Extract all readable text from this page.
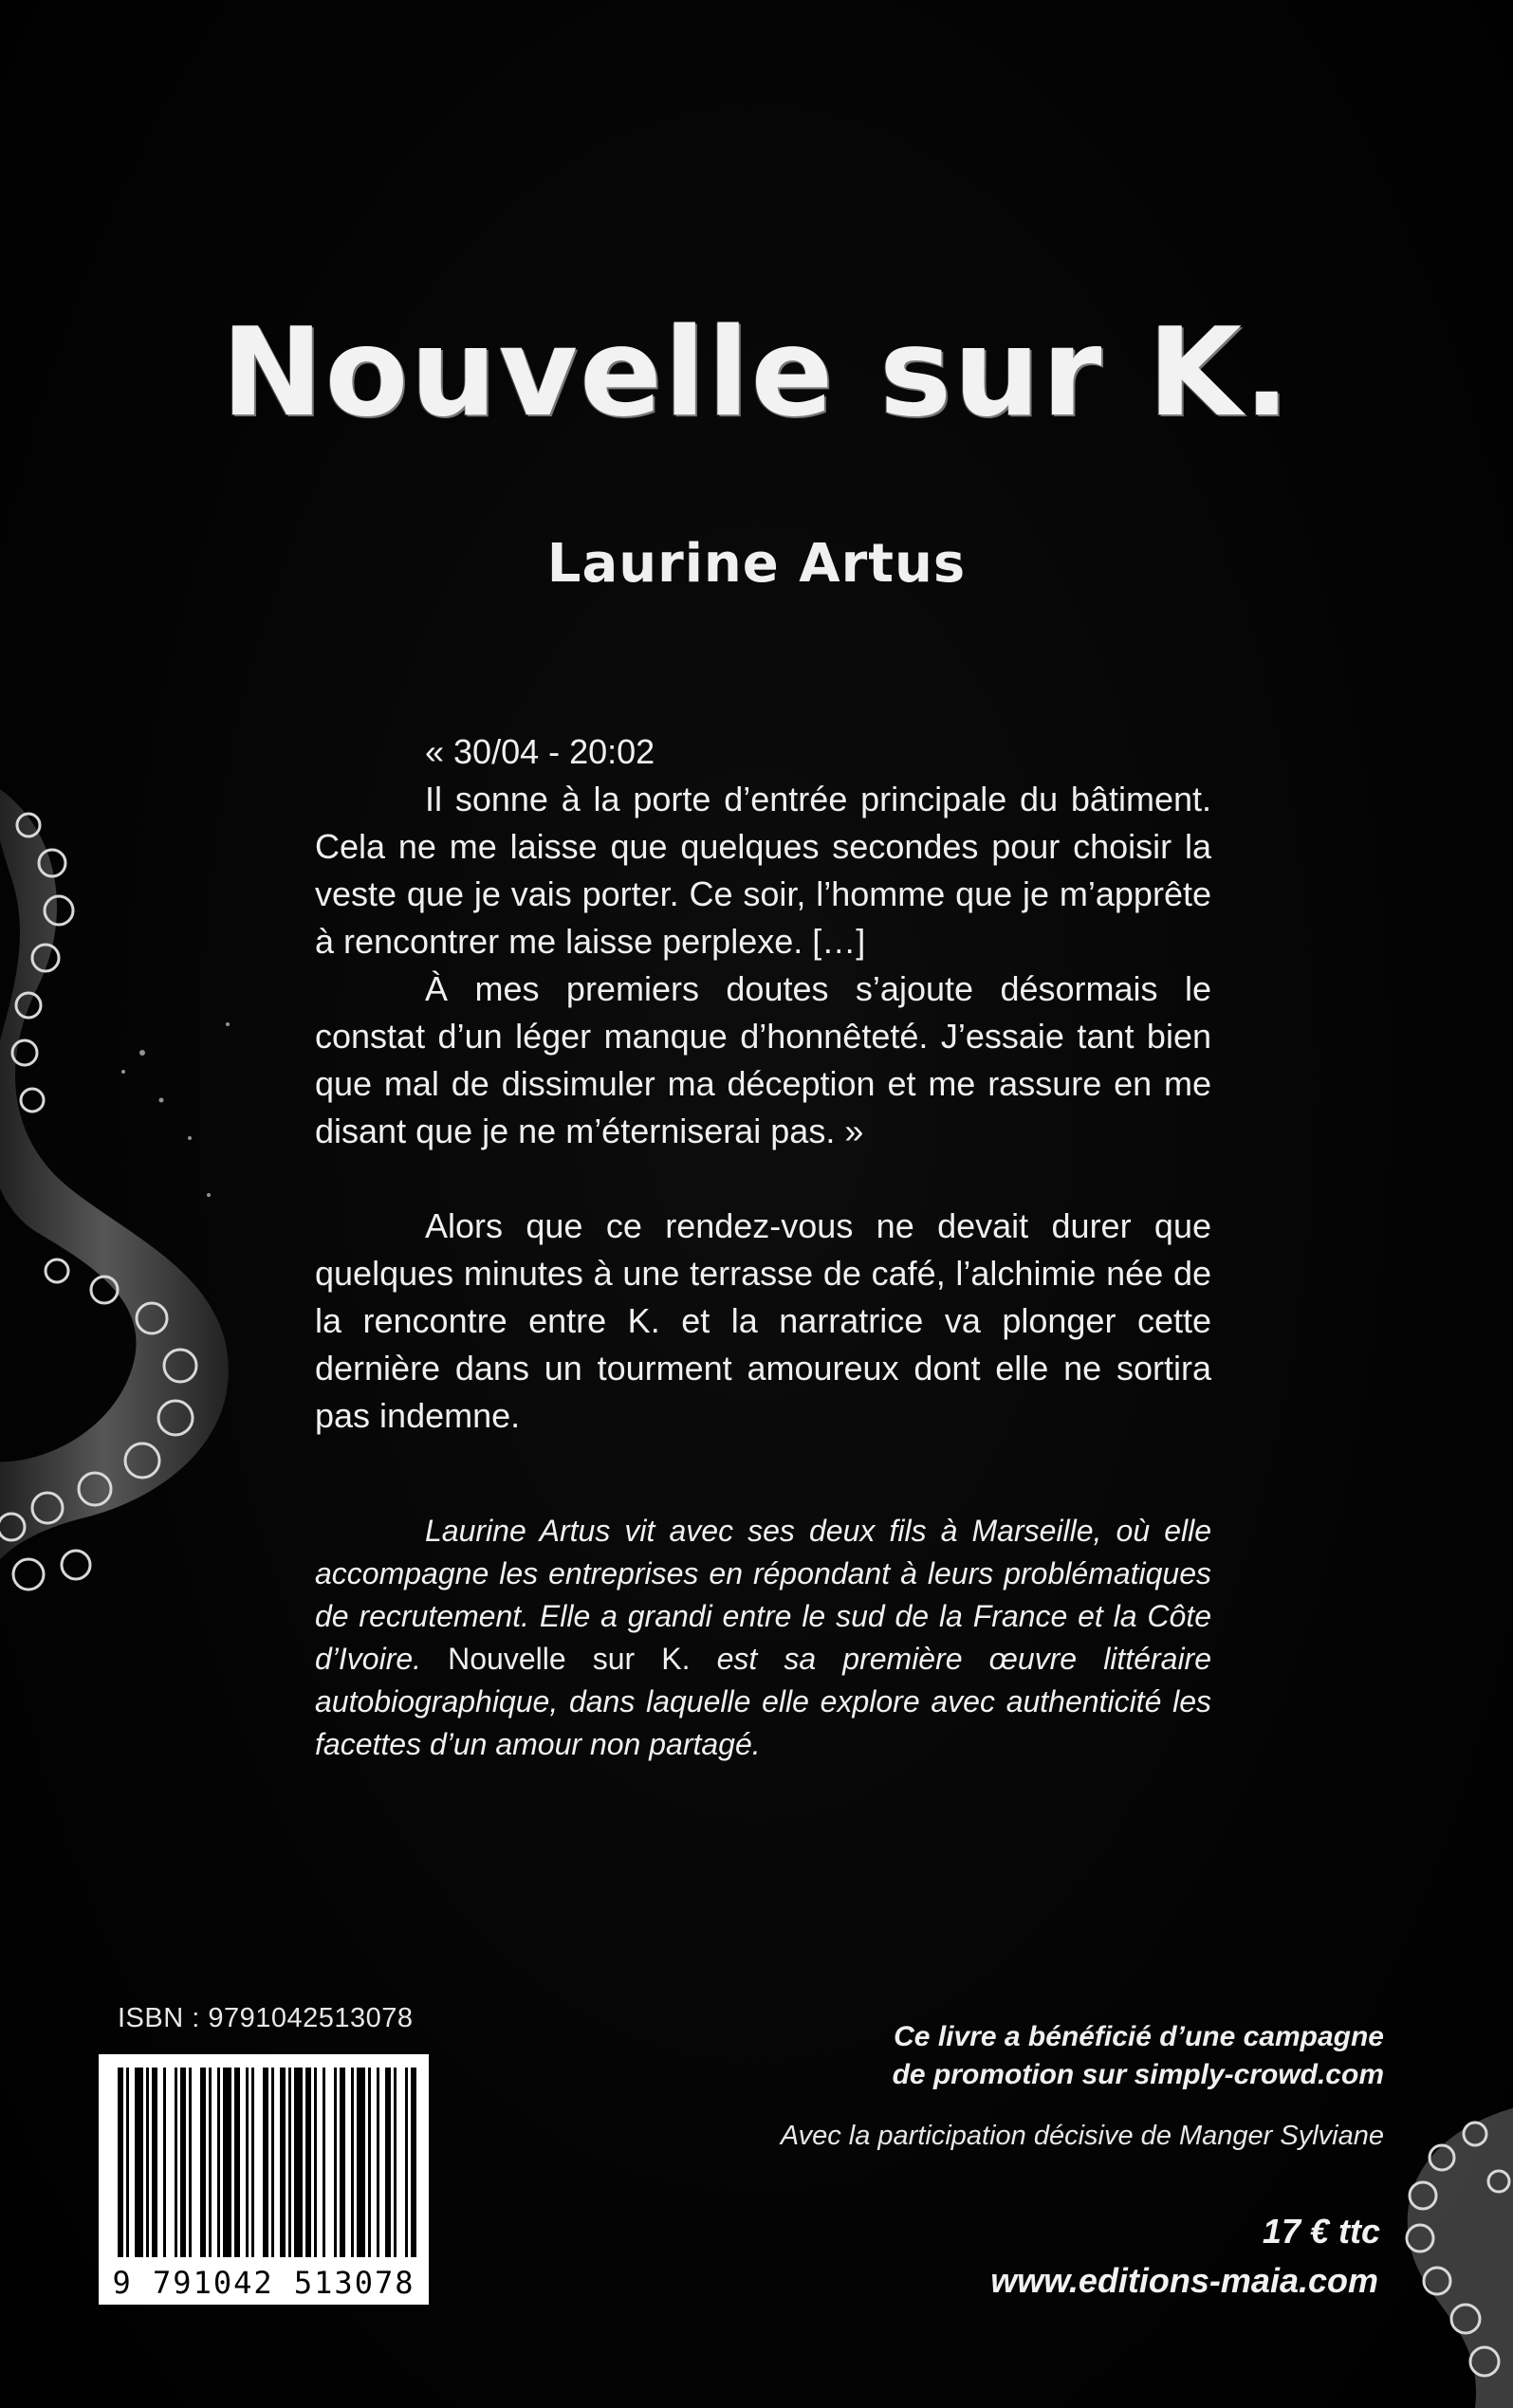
Nouvelle sur K.
Laurine Artus

« 30/04 - 20:02

Il sonne à la porte d’entrée principale du bâtiment. Cela ne me laisse que quelques secondes pour choisir la veste que je vais porter. Ce soir, l’homme que je m’apprête à rencontrer me laisse perplexe. […]

À mes premiers doutes s’ajoute désormais le constat d’un léger manque d’honnêteté. J’essaie tant bien que mal de dissimuler ma déception et me rassure en me disant que je ne m’éterniserai pas. »

Alors que ce rendez-vous ne devait durer que quelques minutes à une terrasse de café, l’alchimie née de la rencontre entre K. et la narratrice va plonger cette dernière dans un tourment amoureux dont elle ne sortira pas indemne.

Laurine Artus vit avec ses deux fils à Marseille, où elle accompagne les entreprises en répondant à leurs problématiques de recrutement. Elle a grandi entre le sud de la France et la Côte d’Ivoire. Nouvelle sur K. est sa première œuvre littéraire autobiographique, dans laquelle elle explore avec authenticité les facettes d’un amour non partagé.

ISBN : 9791042513078
9 791042 513078
Ce livre a bénéficié d’une campagne
de promotion sur simply-crowd.com
Avec la participation décisive de Manger Sylviane
17 € ttc
www.editions-maia.com
